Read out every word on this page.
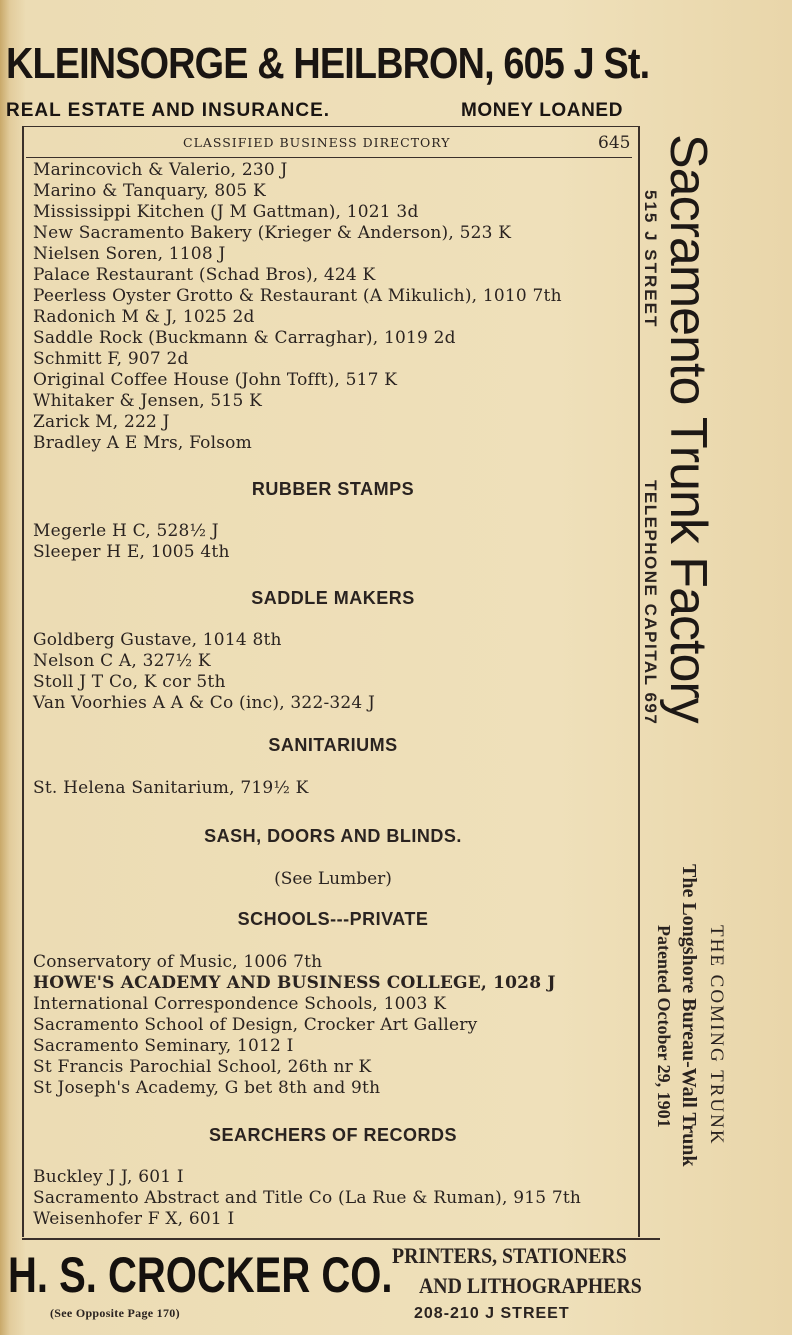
KLEINSORGE & HEILBRON, 605 J St.
REAL ESTATE AND INSURANCE.	MONEY LOANED
CLASSIFIED BUSINESS DIRECTORY	645
Marincovich & Valerio, 230 J
Marino & Tanquary, 805 K
Mississippi Kitchen (J M Gattman), 1021 3d
New Sacramento Bakery (Krieger & Anderson), 523 K
Nielsen Soren, 1108 J
Palace Restaurant (Schad Bros), 424 K
Peerless Oyster Grotto & Restaurant (A Mikulich), 1010 7th
Radonich M & J, 1025 2d
Saddle Rock (Buckmann & Carraghar), 1019 2d
Schmitt F, 907 2d
Original Coffee House (John Tofft), 517 K
Whitaker & Jensen, 515 K
Zarick M, 222 J
Bradley A E Mrs, Folsom
RUBBER STAMPS
Megerle H C, 528½ J
Sleeper H E, 1005 4th
SADDLE MAKERS
Goldberg Gustave, 1014 8th
Nelson C A, 327½ K
Stoll J T Co, K cor 5th
Van Voorhies A A & Co (inc), 322-324 J
SANITARIUMS
St. Helena Sanitarium, 719½ K
SASH, DOORS AND BLINDS.
(See Lumber)
SCHOOLS---PRIVATE
Conservatory of Music, 1006 7th
HOWE'S ACADEMY AND BUSINESS COLLEGE, 1028 J
International Correspondence Schools, 1003 K
Sacramento School of Design, Crocker Art Gallery
Sacramento Seminary, 1012 I
St Francis Parochial School, 26th nr K
St Joseph's Academy, G bet 8th and 9th
SEARCHERS OF RECORDS
Buckley J J, 601 I
Sacramento Abstract and Title Co (La Rue & Ruman), 915 7th
Weisenhofer F X, 601 I
Sacramento Trunk Factory
515 J STREET
TELEPHONE CAPITAL 697
THE COMING TRUNK
The Longshore Bureau-Wall Trunk
Patented October 29, 1901
H. S. CROCKER CO. PRINTERS, STATIONERS
AND LITHOGRAPHERS
(See Opposite Page 170)	208-210 J STREET
